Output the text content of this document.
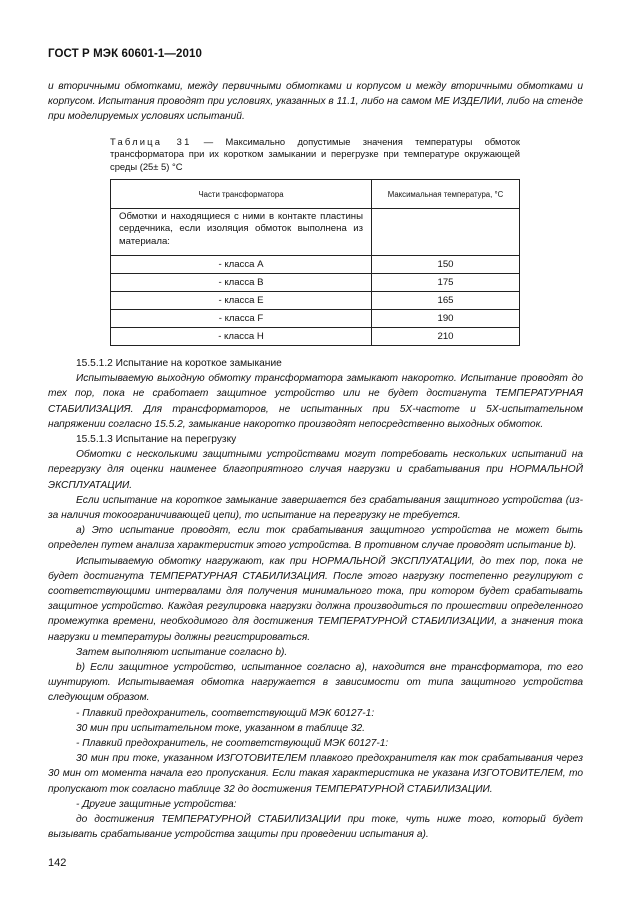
ГОСТ Р МЭК 60601-1—2010

и вторичными обмотками, между первичными обмотками и корпусом и между вторичными обмотками и корпусом. Испытания проводят при условиях, указанных в 11.1, либо на самом МЕ ИЗДЕЛИИ, либо на стенде при моделируемых условиях испытаний.

Таблица 31 — Максимально допустимые значения температуры обмоток трансформатора при их коротком замыкании и перегрузке при температуре окружающей среды (25± 5) °С
Части трансформатора	Максимальная температура, °С
Обмотки и находящиеся с ними в контакте пластины сердечника, если изоляция обмоток выполнена из материала:	
- класса А	150
- класса В	175
- класса Е	165
- класса F	190
- класса Н	210

15.5.1.2 Испытание на короткое замыкание

Испытываемую выходную обмотку трансформатора замыкают накоротко. Испытание проводят до тех пор, пока не сработает защитное устройство или не будет достигнута ТЕМПЕРАТУРНАЯ СТАБИЛИЗАЦИЯ. Для трансформаторов, не испытанных при 5Х-частоте и 5Х-испытательном напряжении согласно 15.5.2, замыкание накоротко производят непосредственно выходных обмоток.

15.5.1.3 Испытание на перегрузку

Обмотки с несколькими защитными устройствами могут потребовать нескольких испытаний на перегрузку для оценки наименее благоприятного случая нагрузки и срабатывания при НОРМАЛЬНОЙ ЭКСПЛУАТАЦИИ.

Если испытание на короткое замыкание завершается без срабатывания защитного устройства (из-за наличия токоограничивающей цепи), то испытание на перегрузку не требуется.

а) Это испытание проводят, если ток срабатывания защитного устройства не может быть определен путем анализа характеристик этого устройства. В противном случае проводят испытание b).

Испытываемую обмотку нагружают, как при НОРМАЛЬНОЙ ЭКСПЛУАТАЦИИ, до тех пор, пока не будет достигнута ТЕМПЕРАТУРНАЯ СТАБИЛИЗАЦИЯ. После этого нагрузку постепенно регулируют с соответствующими интервалами для получения минимального тока, при котором будет срабатывать защитное устройство. Каждая регулировка нагрузки должна производиться по прошествии определенного промежутка времени, необходимого для достижения ТЕМПЕРАТУРНОЙ СТАБИЛИЗАЦИИ, а значения тока нагрузки и температуры должны регистрироваться.

Затем выполняют испытание согласно b).

b) Если защитное устройство, испытанное согласно а), находится вне трансформатора, то его шунтируют. Испытываемая обмотка нагружается в зависимости от типа защитного устройства следующим образом.

- Плавкий предохранитель, соответствующий МЭК 60127-1:

30 мин при испытательном токе, указанном в таблице 32.

- Плавкий предохранитель, не соответствующий МЭК 60127-1:

30 мин при токе, указанном ИЗГОТОВИТЕЛЕМ плавкого предохранителя как ток срабатывания через 30 мин от момента начала его пропускания. Если такая характеристика не указана ИЗГОТОВИТЕЛЕМ, то пропускают ток согласно таблице 32 до достижения ТЕМПЕРАТУРНОЙ СТАБИЛИЗАЦИИ.

- Другие защитные устройства:

до достижения ТЕМПЕРАТУРНОЙ СТАБИЛИЗАЦИИ при токе, чуть ниже того, который будет вызывать срабатывание устройства защиты при проведении испытания а).

142
